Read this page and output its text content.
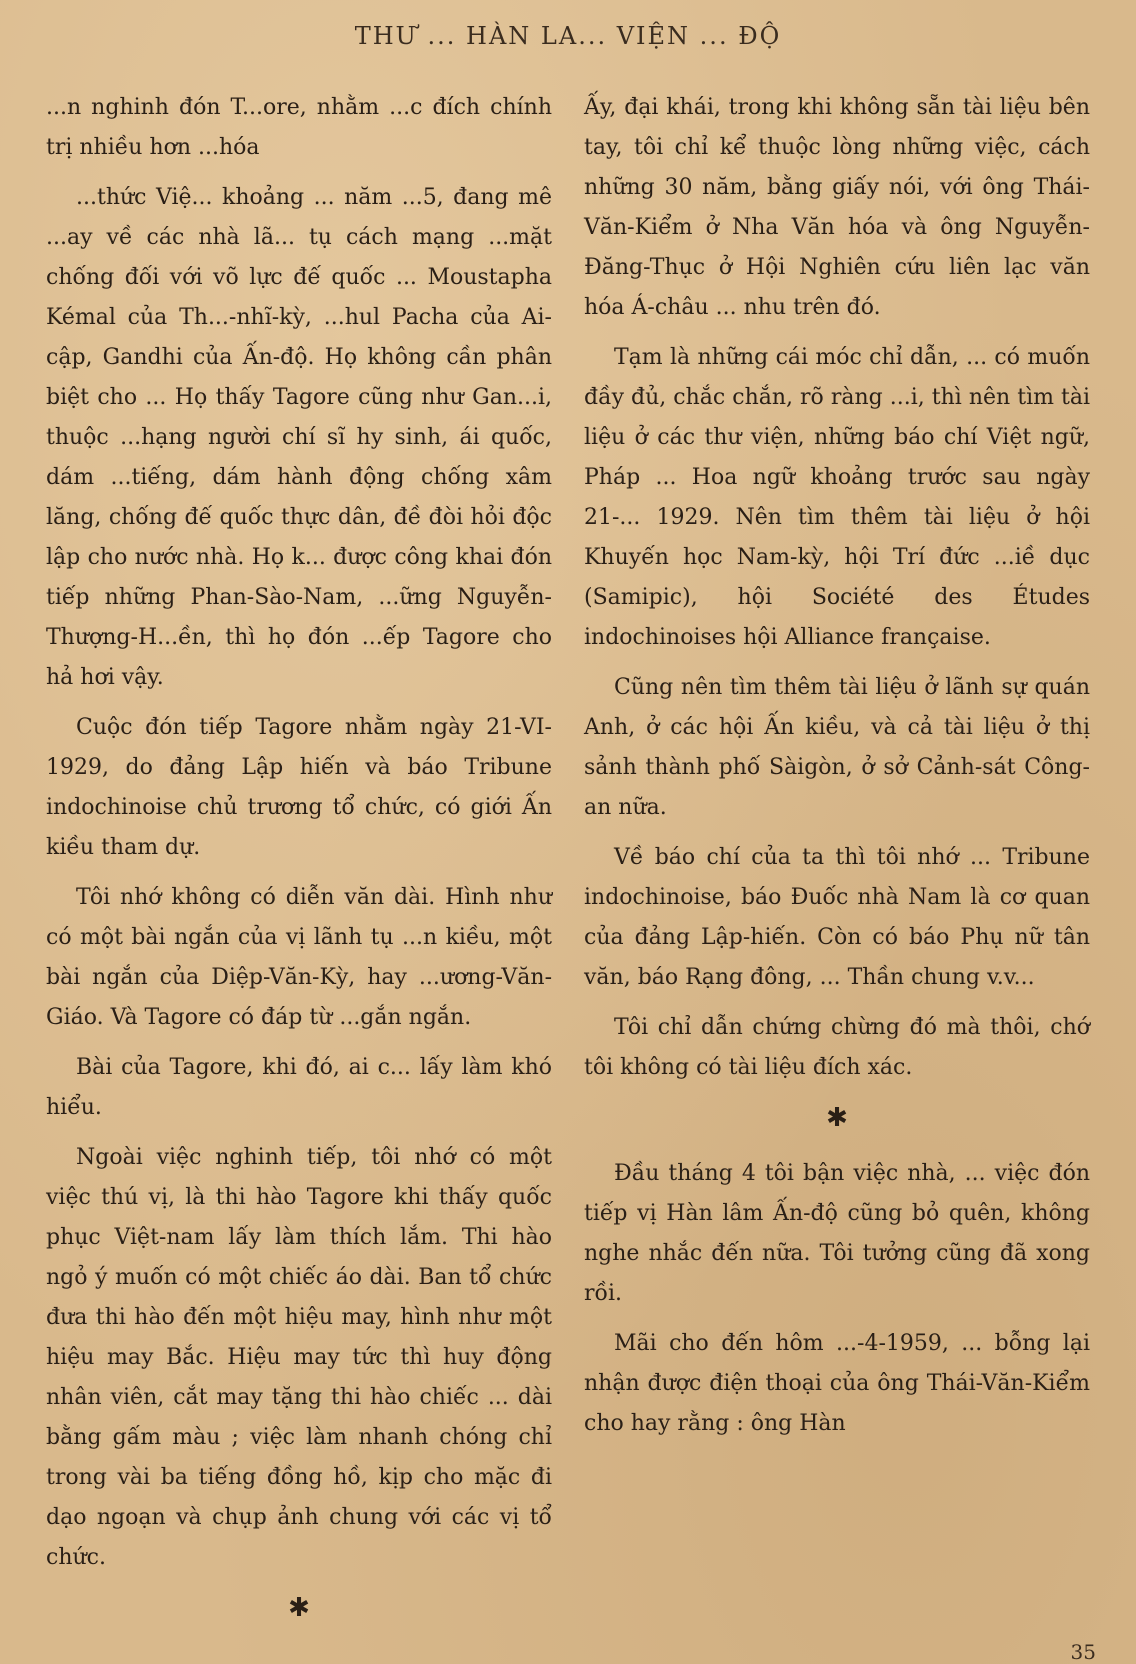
THƯ ... HÀN LA... VIỆN ... ĐỘ

...n nghinh đón T...ore, nhằm ...c đích chính trị nhiều hơn ...hóa

...thức Việ... khoảng ... năm ...5, đang mê ...ay về các nhà lã... tụ cách mạng ...mặt chống đối với võ lực đế quốc ... Moustapha Kémal của Th...-nhĩ-kỳ, ...hul Pacha của Ai-cập, Gandhi của Ấn-độ. Họ không cần phân biệt cho ... Họ thấy Tagore cũng như Gan...i, thuộc ...hạng người chí sĩ hy sinh, ái quốc, dám ...tiếng, dám hành động chống xâm lăng, chống đế quốc thực dân, đề đòi hỏi độc lập cho nước nhà. Họ k... được công khai đón tiếp những Phan-Sào-Nam, ...ững Nguyễn-Thượng-H...ền, thì họ đón ...ếp Tagore cho hả hơi vậy.

Cuộc đón tiếp Tagore nhằm ngày 21-VI-1929, do đảng Lập hiến và báo Tribune indochinoise chủ trương tổ chức, có giới Ấn kiều tham dự.

Tôi nhớ không có diễn văn dài. Hình như có một bài ngắn của vị lãnh tụ ...n kiều, một bài ngắn của Diệp-Văn-Kỳ, hay ...ương-Văn-Giáo. Và Tagore có đáp từ ...gắn ngắn.

Bài của Tagore, khi đó, ai c... lấy làm khó hiểu.

Ngoài việc nghinh tiếp, tôi nhớ có một việc thú vị, là thi hào Tagore khi thấy quốc phục Việt-nam lấy làm thích lắm. Thi hào ngỏ ý muốn có một chiếc áo dài. Ban tổ chức đưa thi hào đến một hiệu may, hình như một hiệu may Bắc. Hiệu may tức thì huy động nhân viên, cắt may tặng thi hào chiếc ... dài bằng gấm màu ; việc làm nhanh chóng chỉ trong vài ba tiếng đồng hồ, kịp cho mặc đi dạo ngoạn và chụp ảnh chung với các vị tổ chức.

✱

Ấy, đại khái, trong khi không sẵn tài liệu bên tay, tôi chỉ kể thuộc lòng những việc, cách những 30 năm, bằng giấy nói, với ông Thái-Văn-Kiểm ở Nha Văn hóa và ông Nguyễn-Đăng-Thục ở Hội Nghiên cứu liên lạc văn hóa Á-châu ... nhu trên đó.

Tạm là những cái móc chỉ dẫn, ... có muốn đầy đủ, chắc chắn, rõ ràng ...i, thì nên tìm tài liệu ở các thư viện, những báo chí Việt ngữ, Pháp ... Hoa ngữ khoảng trước sau ngày 21-... 1929. Nên tìm thêm tài liệu ở hội Khuyến học Nam-kỳ, hội Trí đức ...iề dục (Samipic), hội Société des Études indochinoises hội Alliance française.

Cũng nên tìm thêm tài liệu ở lãnh sự quán Anh, ở các hội Ấn kiều, và cả tài liệu ở thị sảnh thành phố Sàigòn, ở sở Cảnh-sát Công-an nữa.

Về báo chí của ta thì tôi nhớ ... Tribune indochinoise, báo Đuốc nhà Nam là cơ quan của đảng Lập-hiến. Còn có báo Phụ nữ tân văn, báo Rạng đông, ... Thần chung v.v...

Tôi chỉ dẫn chứng chừng đó mà thôi, chớ tôi không có tài liệu đích xác.

✱

Đầu tháng 4 tôi bận việc nhà, ... việc đón tiếp vị Hàn lâm Ấn-độ cũng bỏ quên, không nghe nhắc đến nữa. Tôi tưởng cũng đã xong rồi.

Mãi cho đến hôm ...-4-1959, ... bỗng lại nhận được điện thoại của ông Thái-Văn-Kiểm cho hay rằng : ông Hàn

35
